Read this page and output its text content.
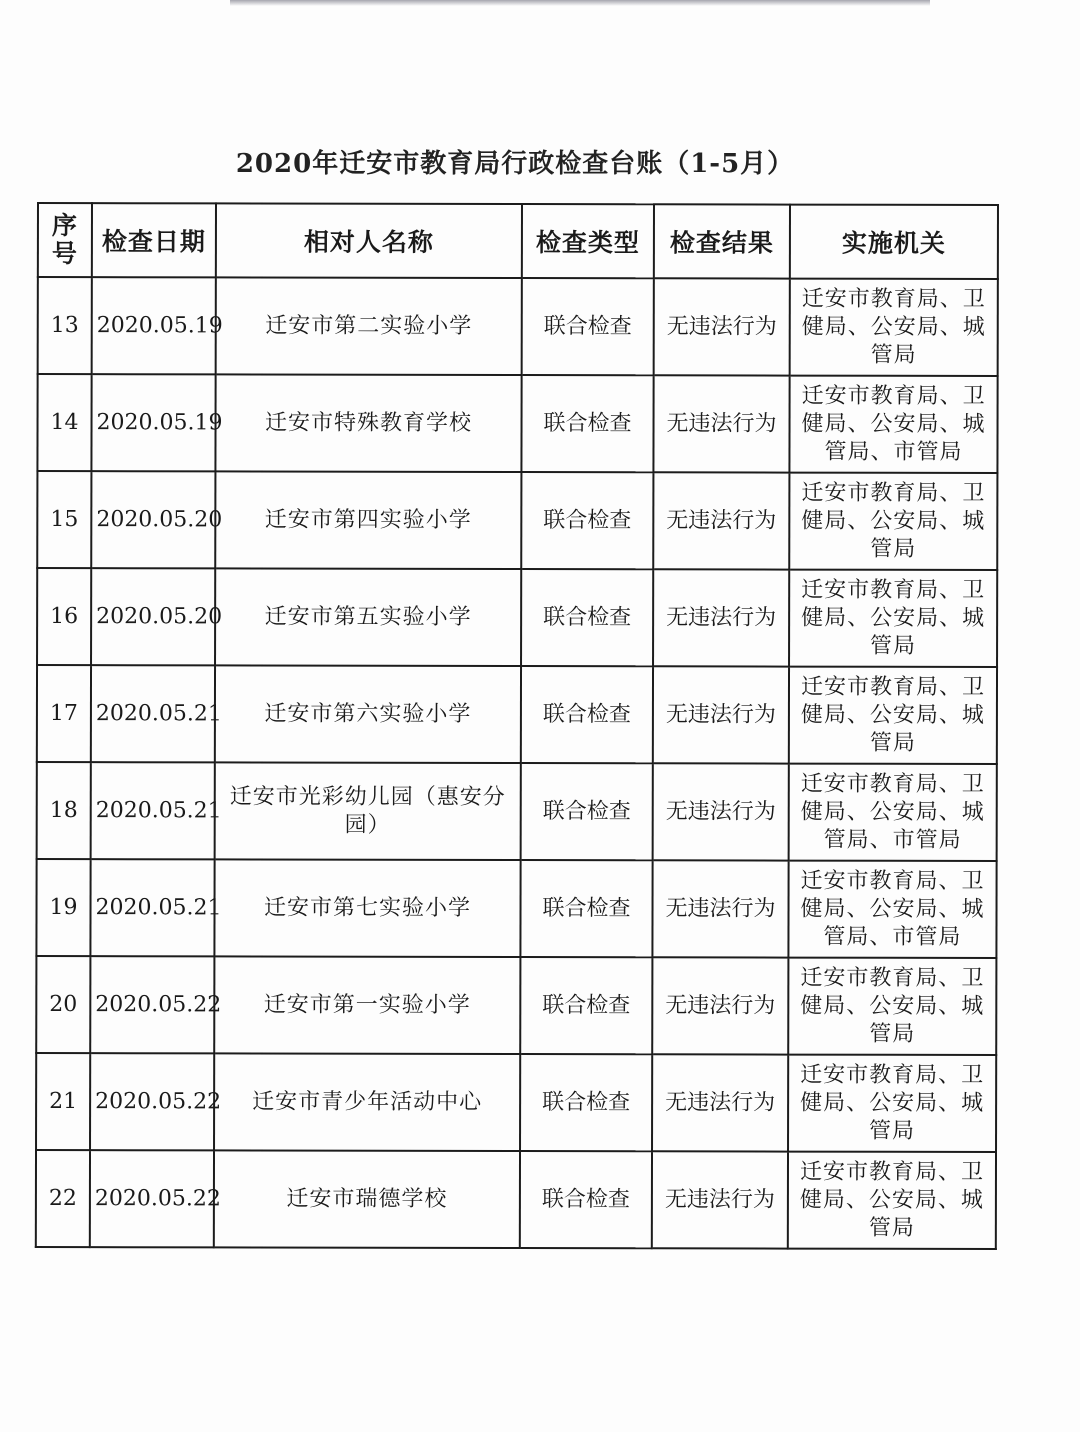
2020年迁安市教育局行政检查台账（1-5月）
序号	检查日期	相对人名称	检查类型	检查结果	实施机关
13	2020.05.19	迁安市第二实验小学	联合检查	无违法行为	迁安市教育局、卫健局、公安局、城管局
14	2020.05.19	迁安市特殊教育学校	联合检查	无违法行为	迁安市教育局、卫健局、公安局、城管局、市管局
15	2020.05.20	迁安市第四实验小学	联合检查	无违法行为	迁安市教育局、卫健局、公安局、城管局
16	2020.05.20	迁安市第五实验小学	联合检查	无违法行为	迁安市教育局、卫健局、公安局、城管局
17	2020.05.21	迁安市第六实验小学	联合检查	无违法行为	迁安市教育局、卫健局、公安局、城管局
18	2020.05.21	迁安市光彩幼儿园（惠安分园）	联合检查	无违法行为	迁安市教育局、卫健局、公安局、城管局、市管局
19	2020.05.21	迁安市第七实验小学	联合检查	无违法行为	迁安市教育局、卫健局、公安局、城管局、市管局
20	2020.05.22	迁安市第一实验小学	联合检查	无违法行为	迁安市教育局、卫健局、公安局、城管局
21	2020.05.22	迁安市青少年活动中心	联合检查	无违法行为	迁安市教育局、卫健局、公安局、城管局
22	2020.05.22	迁安市瑞德学校	联合检查	无违法行为	迁安市教育局、卫健局、公安局、城管局
